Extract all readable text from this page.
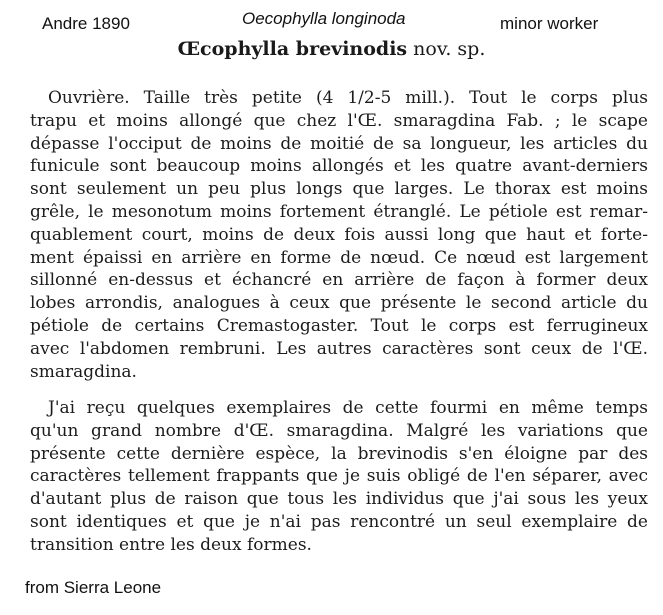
Andre 1890	Oecophylla longinoda	minor worker
Œcophylla brevinodis nov. sp.
Ouvrière. Taille très petite (4 1/2-5 mill.). Tout le corps plus
trapu et moins allongé que chez l'Œ. smaragdina Fab. ; le scape
dépasse l'occiput de moins de moitié de sa longueur, les articles du
funicule sont beaucoup moins allongés et les quatre avant-derniers
sont seulement un peu plus longs que larges. Le thorax est moins
grêle, le mesonotum moins fortement étranglé. Le pétiole est remar-
quablement court, moins de deux fois aussi long que haut et forte-
ment épaissi en arrière en forme de nœud. Ce nœud est largement
sillonné en-dessus et échancré en arrière de façon à former deux
lobes arrondis, analogues à ceux que présente le second article du
pétiole de certains Cremastogaster. Tout le corps est ferrugineux
avec l'abdomen rembruni. Les autres caractères sont ceux de l'Œ.
smaragdina.
J'ai reçu quelques exemplaires de cette fourmi en même temps
qu'un grand nombre d'Œ. smaragdina. Malgré les variations que
présente cette dernière espèce, la brevinodis s'en éloigne par des
caractères tellement frappants que je suis obligé de l'en séparer, avec
d'autant plus de raison que tous les individus que j'ai sous les yeux
sont identiques et que je n'ai pas rencontré un seul exemplaire de
transition entre les deux formes.
from Sierra Leone
